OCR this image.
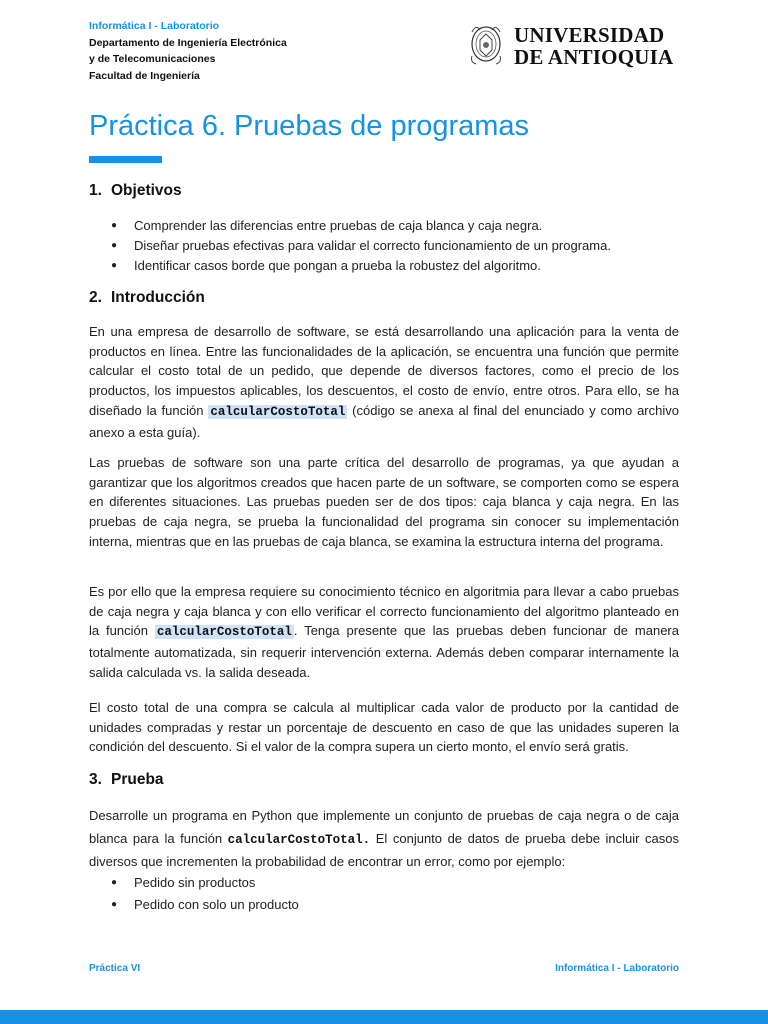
Informática I - Laboratorio
Departamento de Ingeniería Electrónica
y de Telecomunicaciones
Facultad de Ingeniería
UNIVERSIDAD
DE ANTIOQUIA
Práctica 6. Pruebas de programas
1. Objetivos
● Comprender las diferencias entre pruebas de caja blanca y caja negra.
● Diseñar pruebas efectivas para validar el correcto funcionamiento de un programa.
● Identificar casos borde que pongan a prueba la robustez del algoritmo.
2. Introducción

En una empresa de desarrollo de software, se está desarrollando una aplicación para la venta de productos en línea. Entre las funcionalidades de la aplicación, se encuentra una función que permite calcular el costo total de un pedido, que depende de diversos factores, como el precio de los productos, los impuestos aplicables, los descuentos, el costo de envío, entre otros. Para ello, se ha diseñado la función calcularCostoTotal (código se anexa al final del enunciado y como archivo anexo a esta guía).

Las pruebas de software son una parte crítica del desarrollo de programas, ya que ayudan a garantizar que los algoritmos creados que hacen parte de un software, se comporten como se espera en diferentes situaciones. Las pruebas pueden ser de dos tipos: caja blanca y caja negra. En las pruebas de caja negra, se prueba la funcionalidad del programa sin conocer su implementación interna, mientras que en las pruebas de caja blanca, se examina la estructura interna del programa.

Es por ello que la empresa requiere su conocimiento técnico en algoritmia para llevar a cabo pruebas de caja negra y caja blanca y con ello verificar el correcto funcionamiento del algoritmo planteado en la función calcularCostoTotal . Tenga presente que las pruebas deben funcionar de manera totalmente automatizada, sin requerir intervención externa. Además deben comparar internamente la salida calculada vs. la salida deseada.

El costo total de una compra se calcula al multiplicar cada valor de producto por la cantidad de unidades compradas y restar un porcentaje de descuento en caso de que las unidades superen la condición del descuento. Si el valor de la compra supera un cierto monto, el envío será gratis.

3. Prueba

Desarrolle un programa en Python que implemente un conjunto de pruebas de caja negra o de caja blanca para la función calcularCostoTotal. El conjunto de datos de prueba debe incluir casos diversos que incrementen la probabilidad de encontrar un error, como por ejemplo:

● Pedido sin productos
● Pedido con solo un producto
Práctica VI	Informática I - Laboratorio
